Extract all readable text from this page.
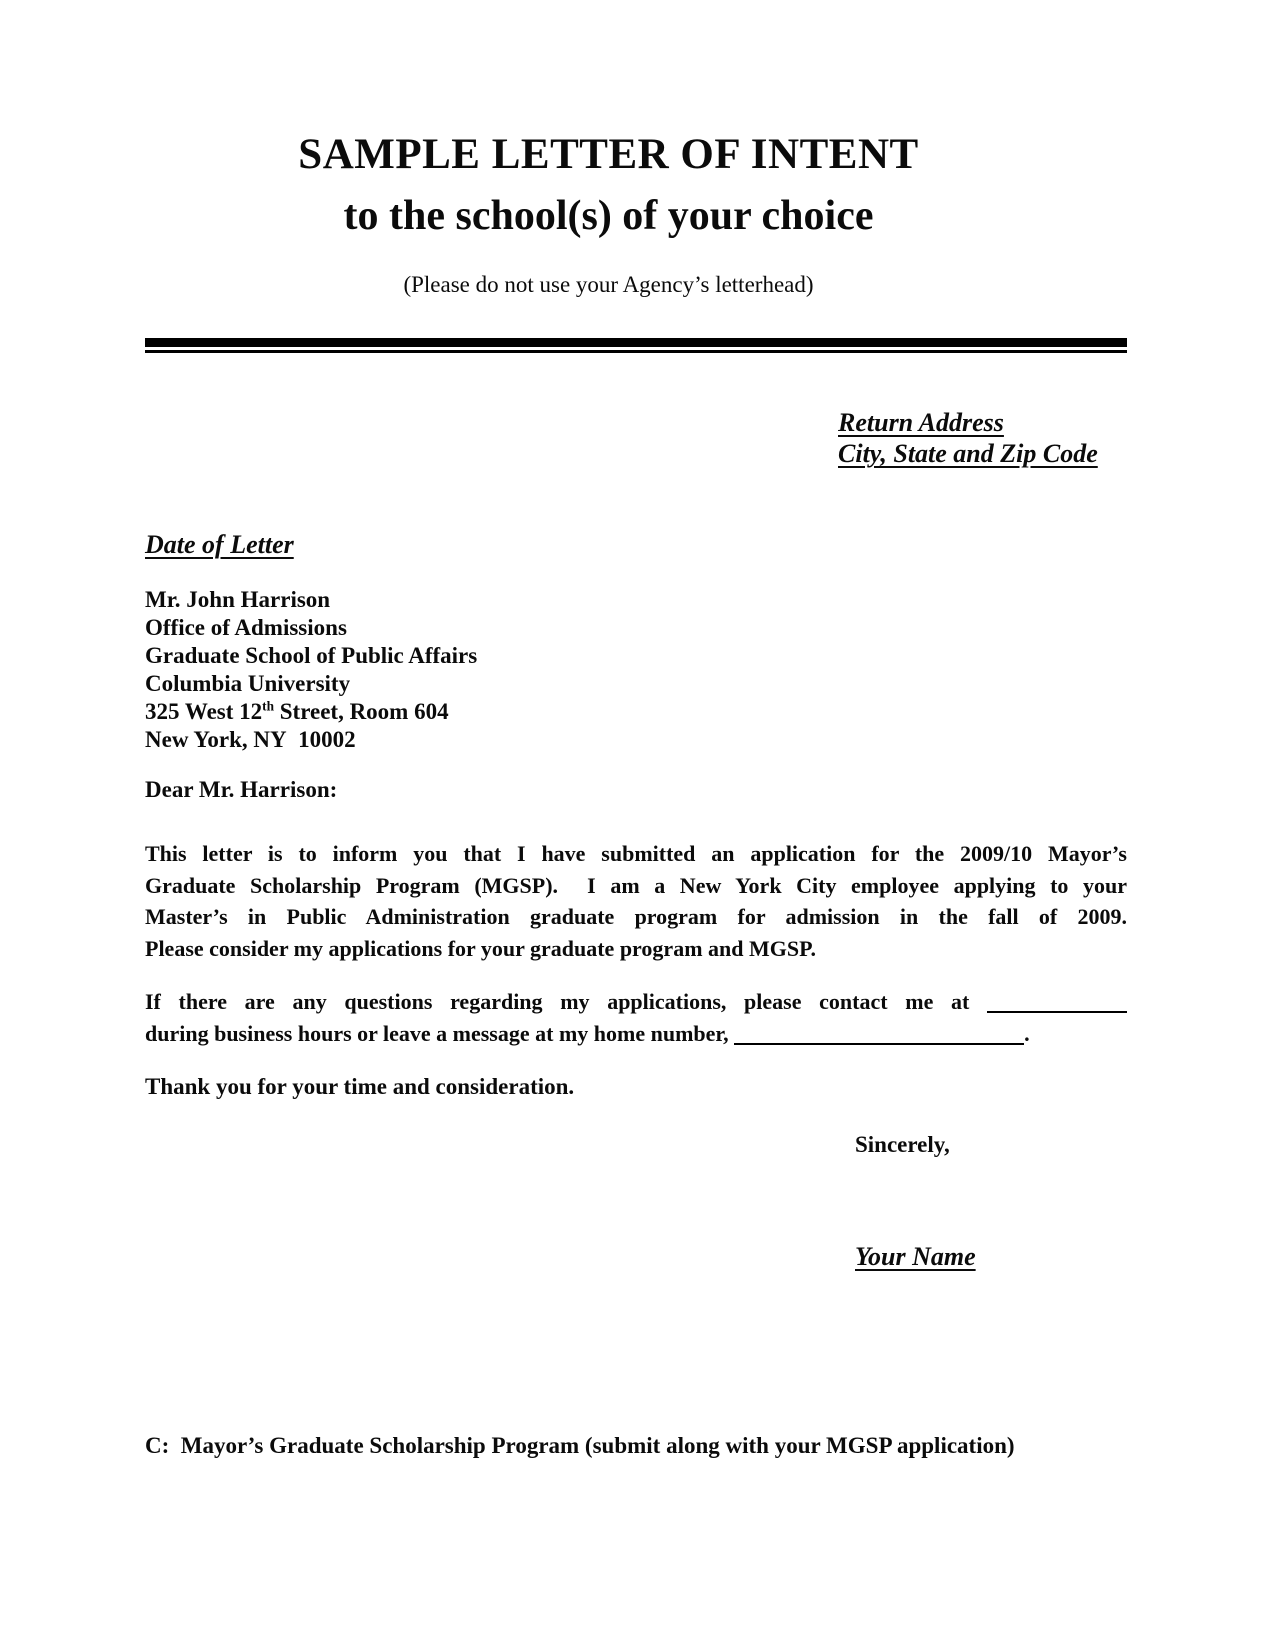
SAMPLE LETTER OF INTENT
to the school(s) of your choice
(Please do not use your Agency’s letterhead)
Return Address
City, State and Zip Code
Date of Letter
Mr. John Harrison
Office of Admissions
Graduate School of Public Affairs
Columbia University
325 West 12th Street, Room 604
New York, NY  10002
Dear Mr. Harrison:
This letter is to inform you that I have submitted an application for the 2009/10 Mayor’s
Graduate Scholarship Program (MGSP).  I am a New York City employee applying to your
Master’s in Public Administration graduate program for admission in the fall of 2009.
Please consider my applications for your graduate program and MGSP.
If there are any questions regarding my applications, please contact me at
during business hours or leave a message at my home number,	.
Thank you for your time and consideration.
Sincerely,
Your Name
C:  Mayor’s Graduate Scholarship Program (submit along with your MGSP application)
